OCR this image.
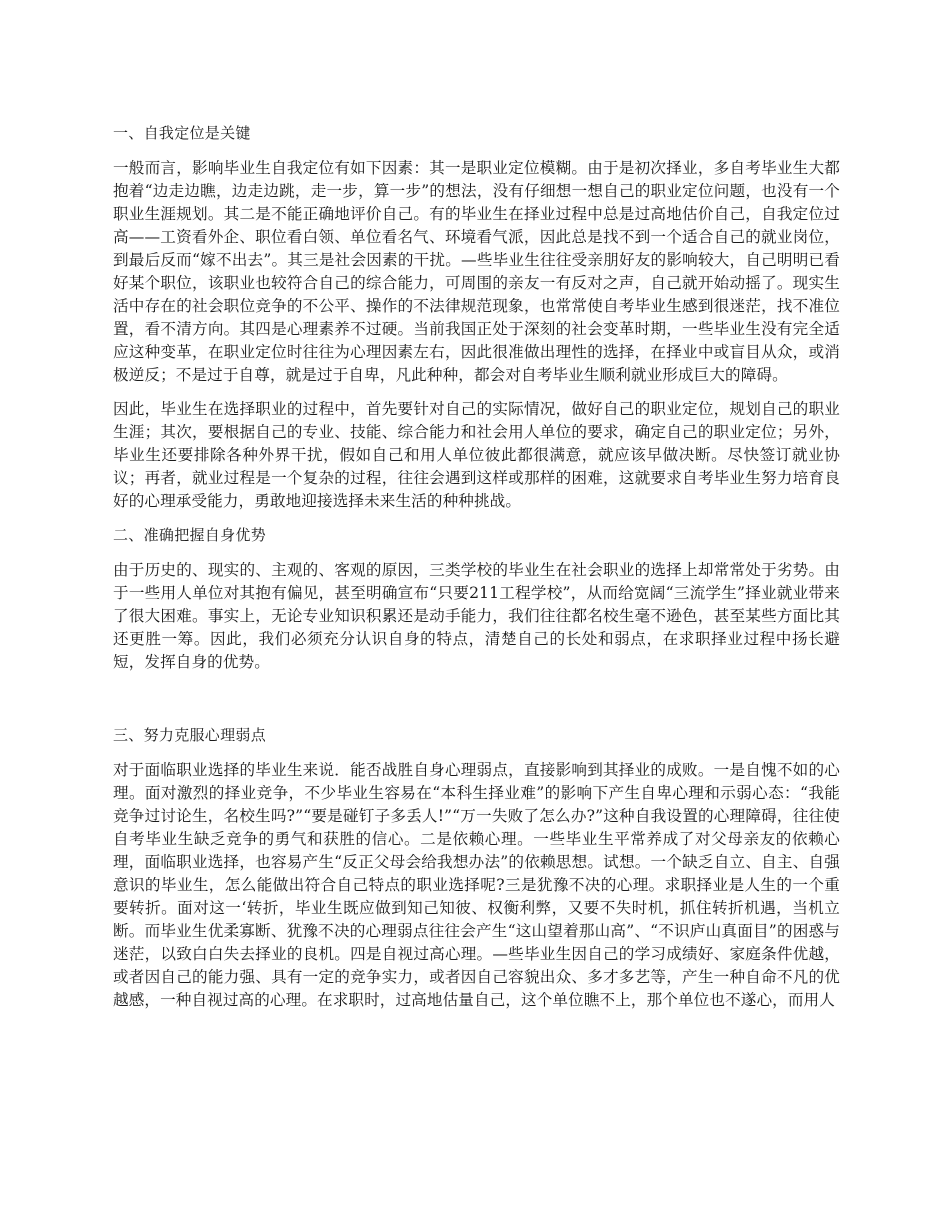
一、自我定位是关键
一般而言，影响毕业生自我定位有如下因素：其一是职业定位模糊。由于是初次择业，多自考毕业生大都抱着“边走边瞧，边走边跳，走一步，算一步”的想法，没有仔细想一想自己的职业定位问题，也没有一个职业生涯规划。其二是不能正确地评价自己。有的毕业生在择业过程中总是过高地估价自己，自我定位过高——工资看外企、职位看白领、单位看名气、环境看气派，因此总是找不到一个适合自己的就业岗位，到最后反而“嫁不出去”。其三是社会因素的干扰。—些毕业生往往受亲朋好友的影响较大，自己明明已看好某个职位，该职业也较符合自己的综合能力，可周围的亲友一有反对之声，自己就开始动摇了。现实生活中存在的社会职位竞争的不公平、操作的不法律规范现象，也常常使自考毕业生感到很迷茫，找不准位置，看不清方向。其四是心理素养不过硬。当前我国正处于深刻的社会变革时期，一些毕业生没有完全适应这种变革，在职业定位时往往为心理因素左右，因此很准做出理性的选择，在择业中或盲目从众，或消极逆反；不是过于自尊，就是过于自卑，凡此种种，都会对自考毕业生顺利就业形成巨大的障碍。
因此，毕业生在选择职业的过程中，首先要针对自己的实际情况，做好自己的职业定位，规划自己的职业生涯；其次，要根据自己的专业、技能、综合能力和社会用人单位的要求，确定自己的职业定位；另外，毕业生还要排除各种外界干扰，假如自己和用人单位彼此都很满意，就应该早做决断。尽快签订就业协议；再者，就业过程是一个复杂的过程，往往会遇到这样或那样的困难，这就要求自考毕业生努力培育良好的心理承受能力，勇敢地迎接选择未来生活的种种挑战。
二、准确把握自身优势
由于历史的、现实的、主观的、客观的原因，三类学校的毕业生在社会职业的选择上却常常处于劣势。由于一些用人单位对其抱有偏见，甚至明确宣布“只要211工程学校”，从而给宽阔“三流学生”择业就业带来了很大困难。事实上，无论专业知识积累还是动手能力，我们往往都名校生毫不逊色，甚至某些方面比其还更胜一筹。因此，我们必须充分认识自身的特点，清楚自己的长处和弱点，在求职择业过程中扬长避短，发挥自身的优势。
三、努力克服心理弱点
对于面临职业选择的毕业生来说．能否战胜自身心理弱点，直接影响到其择业的成败。一是自愧不如的心理。面对激烈的择业竞争，不少毕业生容易在“本科生择业难”的影响下产生自卑心理和示弱心态：“我能竞争过讨论生，名校生吗?”“要是碰钉子多丢人!”“万一失败了怎么办?”这种自我设置的心理障碍，往往使自考毕业生缺乏竞争的勇气和获胜的信心。二是依赖心理。一些毕业生平常养成了对父母亲友的依赖心理，面临职业选择，也容易产生“反正父母会给我想办法”的依赖思想。试想。一个缺乏自立、自主、自强意识的毕业生，怎么能做出符合自己特点的职业选择呢?三是犹豫不决的心理。求职择业是人生的一个重要转折。面对这一‘转折，毕业生既应做到知己知彼、权衡利弊，又要不失时机，抓住转折机遇，当机立断。而毕业生优柔寡断、犹豫不决的心理弱点往往会产生“这山望着那山高”、“不识庐山真面目”的困惑与迷茫，以致白白失去择业的良机。四是自视过高心理。—些毕业生因自己的学习成绩好、家庭条件优越，或者因自己的能力强、具有一定的竞争实力，或者因自己容貌出众、多才多艺等，产生一种自命不凡的优越感，一种自视过高的心理。在求职时，过高地估量自己，这个单位瞧不上，那个单位也不遂心，而用人
